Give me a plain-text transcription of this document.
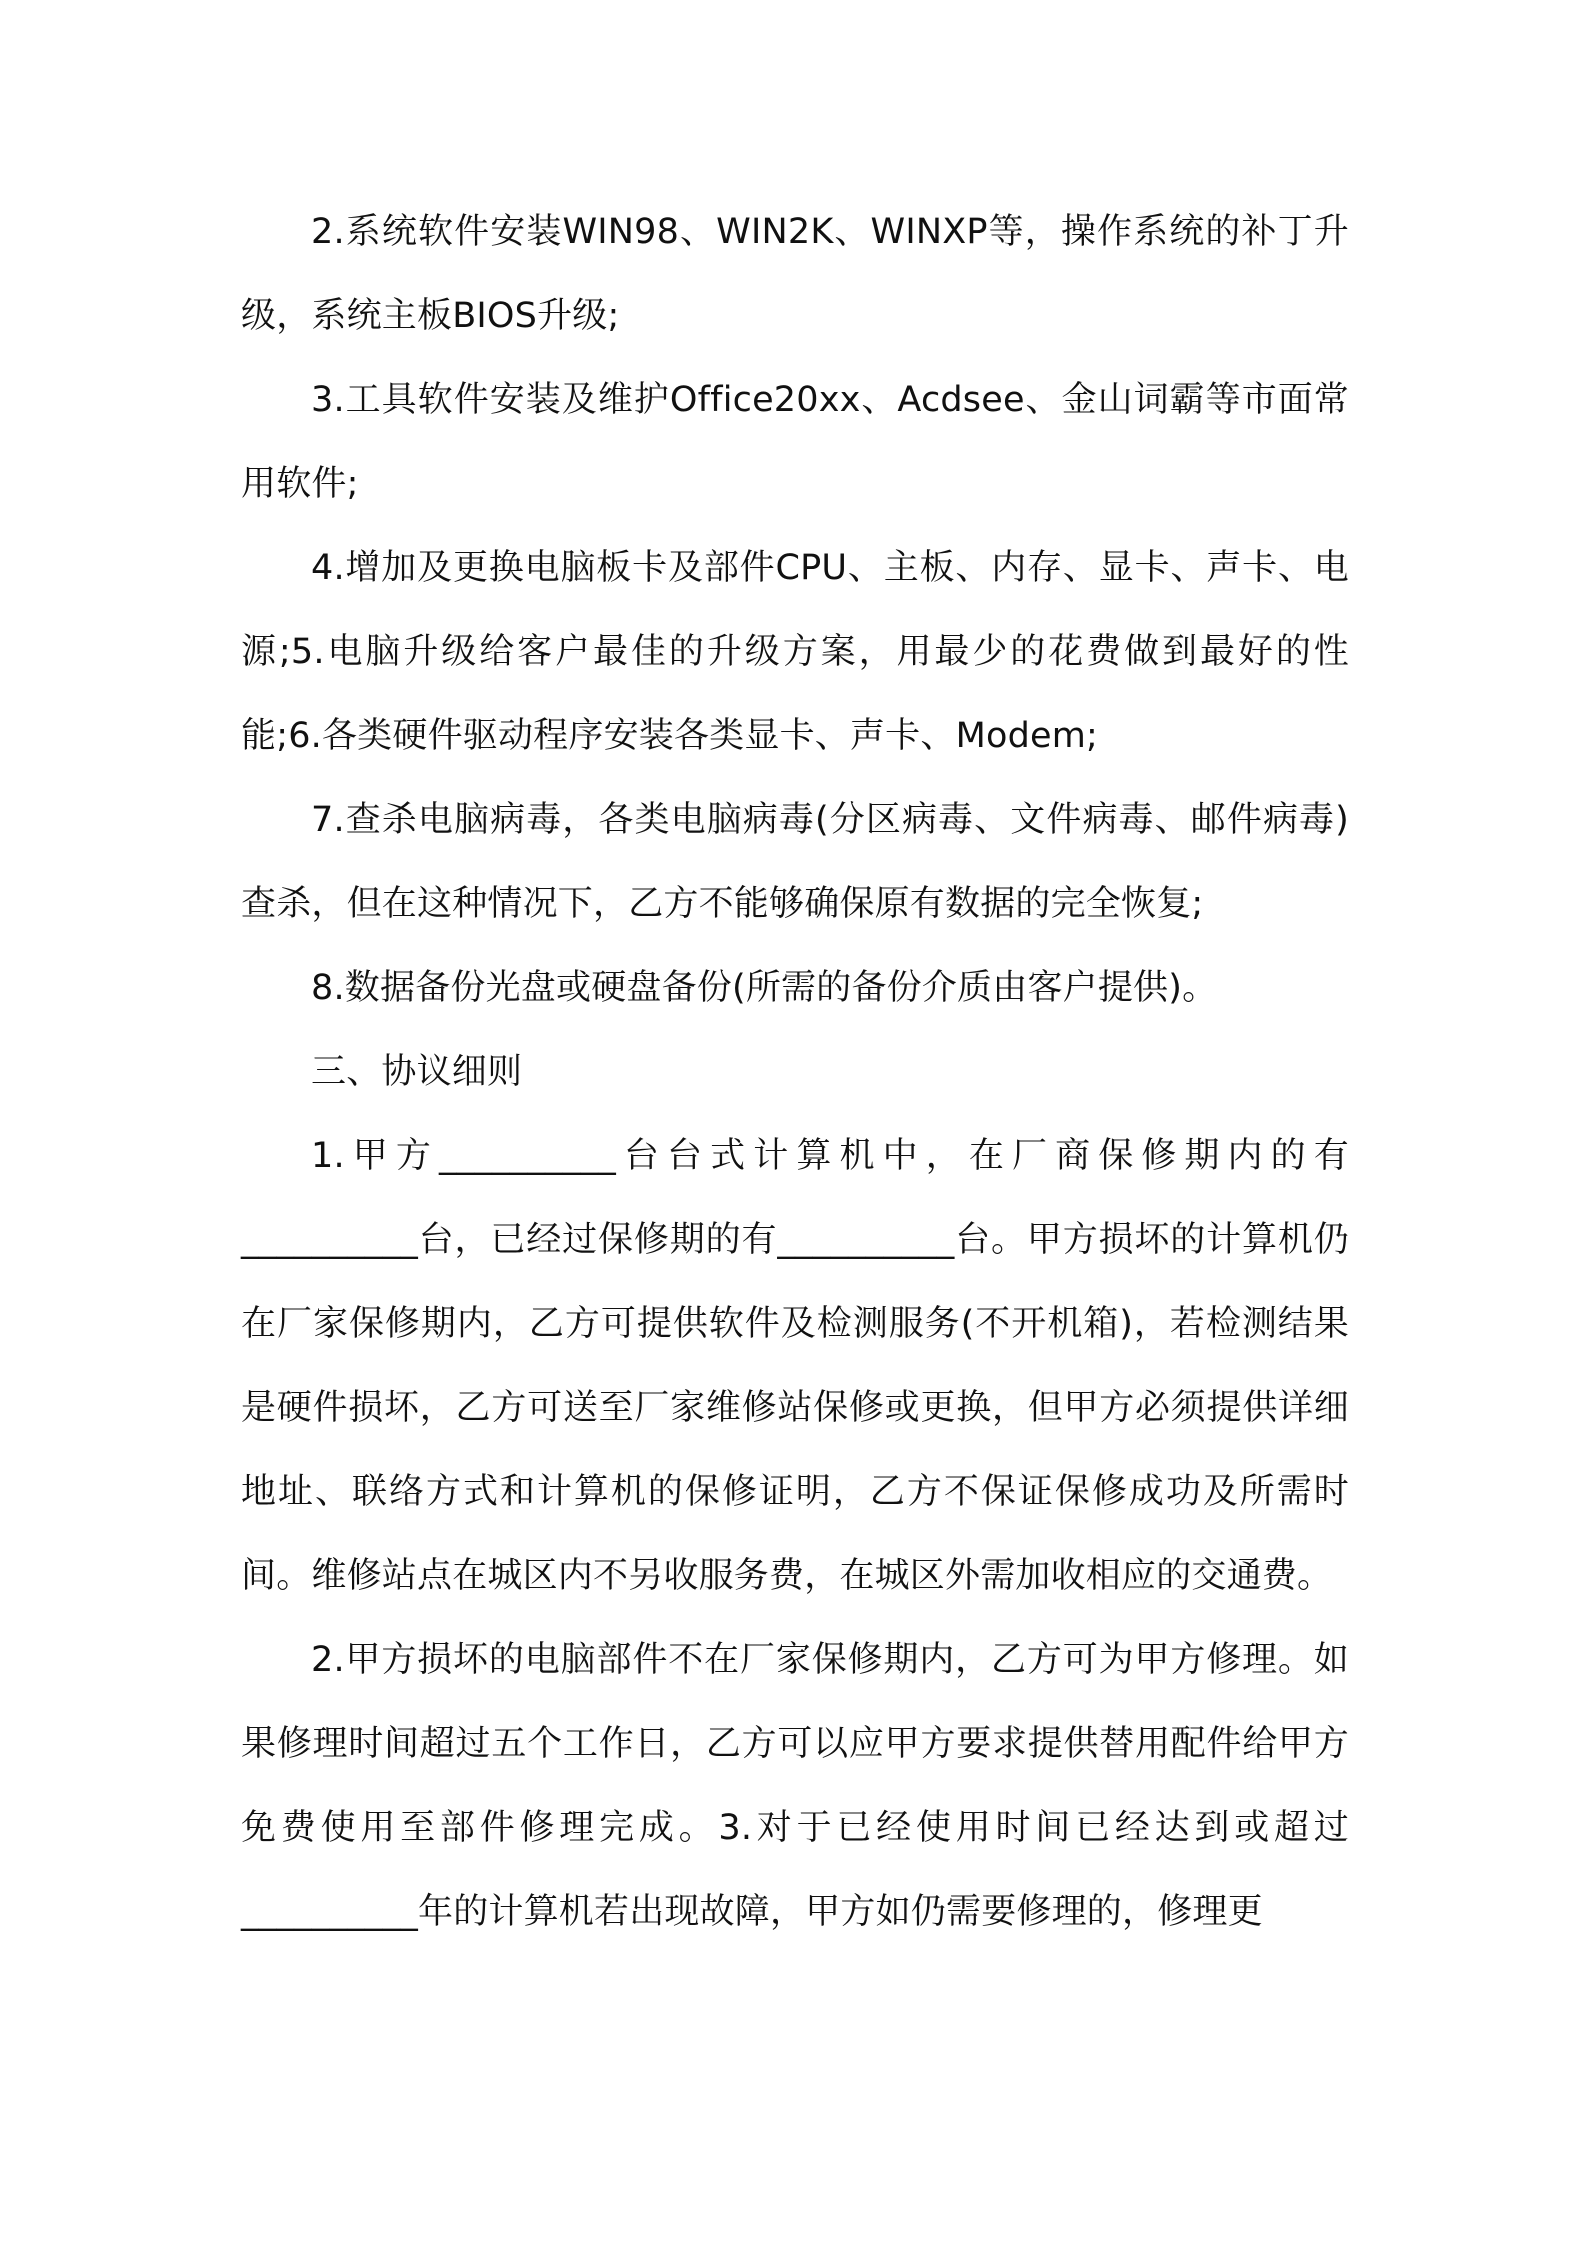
2.系统软件安装WIN98、WIN2K、WINXP等，操作系统的补丁升级，系统主板BIOS升级;

3.工具软件安装及维护Office20xx、Acdsee、金山词霸等市面常用软件;

4.增加及更换电脑板卡及部件CPU、主板、内存、显卡、声卡、电源;5.电脑升级给客户最佳的升级方案，用最少的花费做到最好的性能;6.各类硬件驱动程序安装各类显卡、声卡、Modem;

7.查杀电脑病毒，各类电脑病毒(分区病毒、文件病毒、邮件病毒)查杀，但在这种情况下，乙方不能够确保原有数据的完全恢复;

8.数据备份光盘或硬盘备份(所需的备份介质由客户提供)。

三、协议细则

1.甲方__________台台式计算机中，在厂商保修期内的有__________台，已经过保修期的有__________台。甲方损坏的计算机仍在厂家保修期内，乙方可提供软件及检测服务(不开机箱)，若检测结果是硬件损坏，乙方可送至厂家维修站保修或更换，但甲方必须提供详细地址、联络方式和计算机的保修证明，乙方不保证保修成功及所需时间。维修站点在城区内不另收服务费，在城区外需加收相应的交通费。

2.甲方损坏的电脑部件不在厂家保修期内，乙方可为甲方修理。如果修理时间超过五个工作日，乙方可以应甲方要求提供替用配件给甲方免费使用至部件修理完成。3.对于已经使用时间已经达到或超过__________年的计算机若出现故障，甲方如仍需要修理的，修理更
